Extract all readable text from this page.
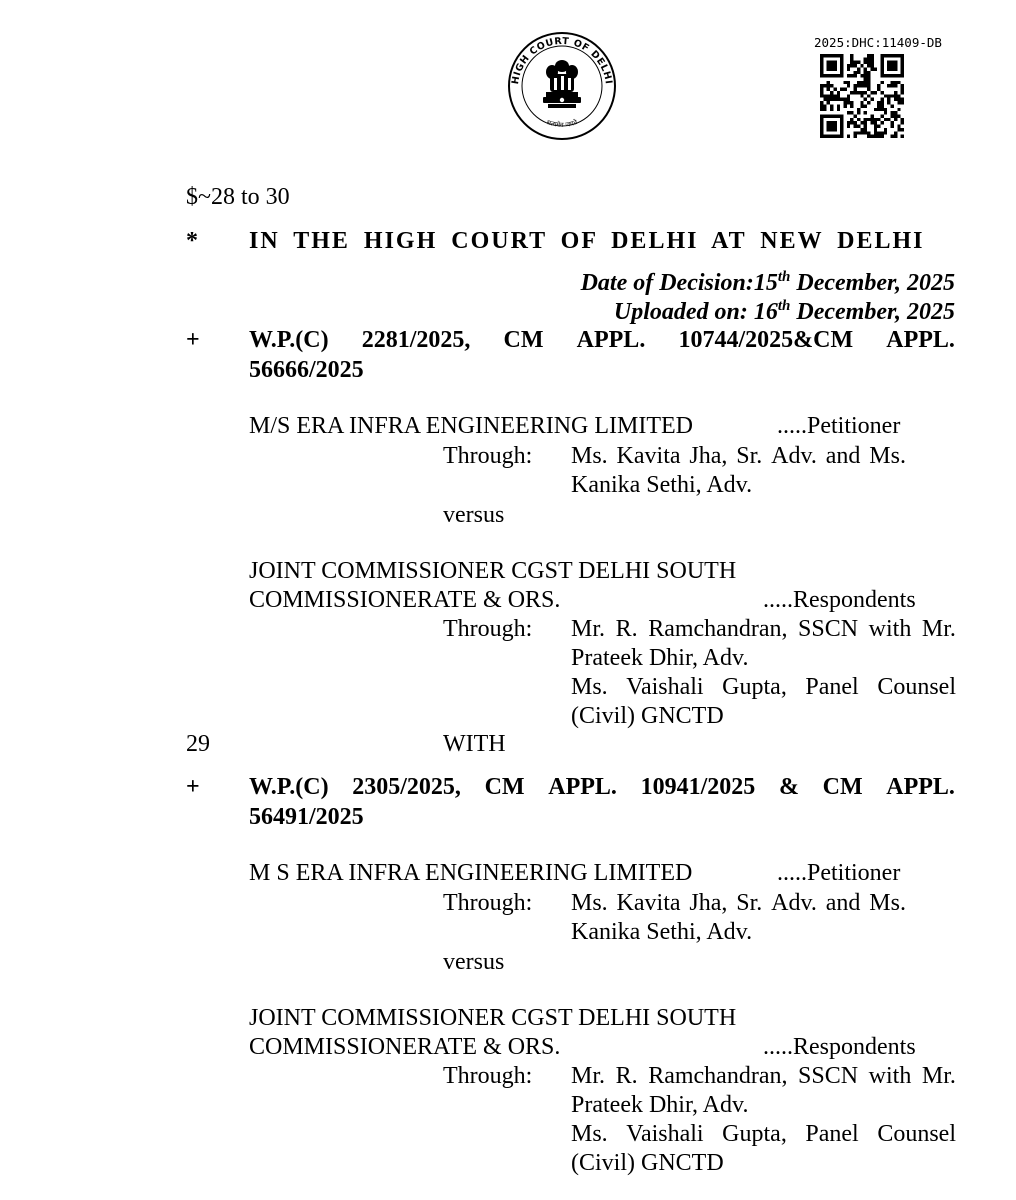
HIGH COURT OF DELHI
सत्यमेव जयते
2025:DHC:11409-DB
$~28 to 30
* IN THE HIGH COURT OF DELHI AT NEW DELHI
Date of Decision:15th December, 2025
Uploaded on: 16th December, 2025
+ W.P.(C) 2281/2025, CM APPL. 10744/2025&CM APPL.
56666/2025
M/S ERA INFRA ENGINEERING LIMITED	.....Petitioner
Through: Ms. Kavita Jha, Sr. Adv. and Ms.
Kanika Sethi, Adv.
versus
JOINT COMMISSIONER CGST DELHI SOUTH
COMMISSIONERATE & ORS.	.....Respondents
Through: Mr. R. Ramchandran, SSCN with Mr.
Prateek Dhir, Adv.
Ms. Vaishali Gupta, Panel Counsel
(Civil) GNCTD
29	WITH
+ W.P.(C) 2305/2025, CM APPL. 10941/2025 & CM APPL.
56491/2025
M S ERA INFRA ENGINEERING LIMITED	.....Petitioner
Through: Ms. Kavita Jha, Sr. Adv. and Ms.
Kanika Sethi, Adv.
versus
JOINT COMMISSIONER CGST DELHI SOUTH
COMMISSIONERATE & ORS.	.....Respondents
Through: Mr. R. Ramchandran, SSCN with Mr.
Prateek Dhir, Adv.
Ms. Vaishali Gupta, Panel Counsel
(Civil) GNCTD
